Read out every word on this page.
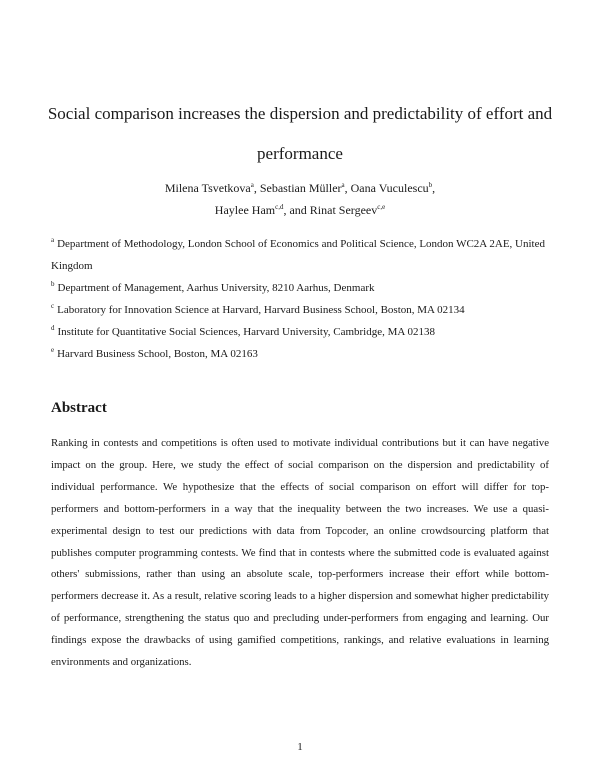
Social comparison increases the dispersion and predictability of effort and performance
Milena Tsvetkova$^a$, Sebastian Müller$^a$, Oana Vuculescu$^b$,
Haylee Ham$^{c,d}$, and Rinat Sergeev$^{c,e}$

$^a$ Department of Methodology, London School of Economics and Political Science, London WC2A 2AE, United Kingdom

$^b$ Department of Management, Aarhus University, 8210 Aarhus, Denmark

$^c$ Laboratory for Innovation Science at Harvard, Harvard Business School, Boston, MA 02134

$^d$ Institute for Quantitative Social Sciences, Harvard University, Cambridge, MA 02138

$^e$ Harvard Business School, Boston, MA 02163

Abstract

Ranking in contests and competitions is often used to motivate individual contributions but it can have negative impact on the group. Here, we study the effect of social comparison on the dispersion and predictability of individual performance. We hypothesize that the effects of social comparison on effort will differ for top-performers and bottom-performers in a way that the inequality between the two increases. We use a quasi-experimental design to test our predictions with data from Topcoder, an online crowdsourcing platform that publishes computer programming contests. We find that in contests where the submitted code is evaluated against others' submissions, rather than using an absolute scale, top-performers increase their effort while bottom-performers decrease it. As a result, relative scoring leads to a higher dispersion and somewhat higher predictability of performance, strengthening the status quo and precluding under-performers from engaging and learning. Our findings expose the drawbacks of using gamified competitions, rankings, and relative evaluations in learning environments and organizations.

1
